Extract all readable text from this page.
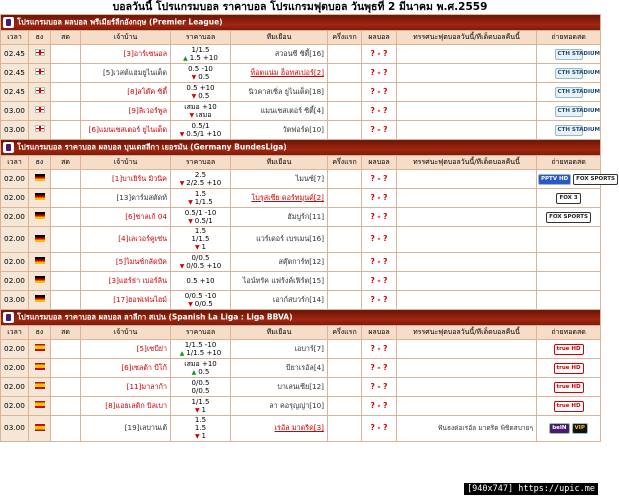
บอลวันนี้ โปรแกรมบอล ราคาบอล โปรแกรมฟุตบอล วันพุธที่ 2 มีนาคม พ.ศ.2559
โปรแกรมบอล ผลบอล พรีเมียร์ลีกอังกฤษ (Premier League)									
เวลา	ธง	สด	เจ้าบ้าน	ราคาบอล	ทีมเยือน	ครึ่งแรก	ผลบอล	ทรรศนะฟุตบอลวันนี้/ทีเด็ดบอลคืนนี้	ถ่ายทอดสด
02.45			[3]อาร์เซนอล	1/1.5
▲ 1.5 +10	สวอนซี ซิตี้[16]		? - ?		CTH STADIUM
02.45			[5]เวสต์แฮมยูไนเต็ด	0.5 -10
▼ 0.5	ท็อตแน่ม ฮ็อทสเปอร์[2]		? - ?		CTH STADIUM
02.45			[8]สโต๊ค ซิตี้	0.5 +10
▼ 0.5	นิวคาสเซิ่ล ยูไนเต็ด[18]		? - ?		CTH STADIUM
03.00			[9]ลิเวอร์พูล	เสมอ +10
▼ เสมอ	แมนเชสเตอร์ ซิตี้[4]		? - ?		CTH STADIUM
03.00			[6]แมนเชสเตอร์ ยูไนเต็ด	0.5/1
▼ 0.5/1 +10	วัตฟอร์ด[10]		? - ?		CTH STADIUM
โปรแกรมบอล ราคาบอล ผลบอล บุนเดสลีกา เยอรมัน (Germany BundesLiga)									
เวลา	ธง	สด	เจ้าบ้าน	ราคาบอล	ทีมเยือน	ครึ่งแรก	ผลบอล	ทรรศนะฟุตบอลวันนี้/ทีเด็ดบอลคืนนี้	ถ่ายทอดสด
02.00			[1]บาเยิร์น มิวนิค	2.5
▼ 2/2.5 +10	ไมนซ์[7]		? - ?		PPTV HD FOX SPORTS
02.00			[13]ดาร์มสตัดท์	1.5
▼ 1/1.5	โบรุสเซีย ดอร์ทมุนด์[2]		? - ?		FOX 3
02.00			[6]ชาลเก้ 04	0.5/1 -10
▼ 0.5/1	ฮัมบูร์ก[11]		? - ?		FOX SPORTS
02.00			[4]เลเวอร์คูเซ่น	1.5
1/1.5
▼ 1	แวร์เดอร์ เบรเมน[16]		? - ?		
02.00			[5]ไมนซ์กลัดบัค	0/0.5
▼ 0/0.5 +10	สตุ๊ตการ์ท[12]		? - ?		
02.00			[3]แฮร์ธ่า เบอร์ลิน	0.5 +10	ไอน์ทรัค แฟร้งค์เฟิร์ต[15]		? - ?		
03.00			[17]ฮอฟเฟ่นไฮม์	0/0.5 -10
▼ 0/0.5	เอาก์สบวร์ก[14]		? - ?		
โปรแกรมบอล ราคาบอล ผลบอล ลาลีกา สเปน (Spanish La Liga : Liga BBVA)									
เวลา	ธง	สด	เจ้าบ้าน	ราคาบอล	ทีมเยือน	ครึ่งแรก	ผลบอล	ทรรศนะฟุตบอลวันนี้/ทีเด็ดบอลคืนนี้	ถ่ายทอดสด
02.00			[5]เซบีย่า	1/1.5 -10
▲ 1/1.5 +10	เอบาร์[7]		? - ?		true HD
02.00			[6]เซลต้า บีโก้	เสมอ +10
▲ 0.5	บียาเรอัล[4]		? - ?		true HD
02.00			[11]มาลาก้า	0/0.5
0/0.5	บาเลนเซีย[12]		? - ?		true HD
02.00			[8]แอธเลติก บิลเบา	1/1.5
▼ 1	ลา คอรุญญ่า[10]		? - ?		true HD
03.00			[19]เลบานเต้	1.5
1.5
▼ 1	เรอัล มาดริด[3]		? - ?	ฟันธงต่อเรอัล มาดริด พิชิตสบายๆ	beIN VIP
[940x747] https://upic.me
